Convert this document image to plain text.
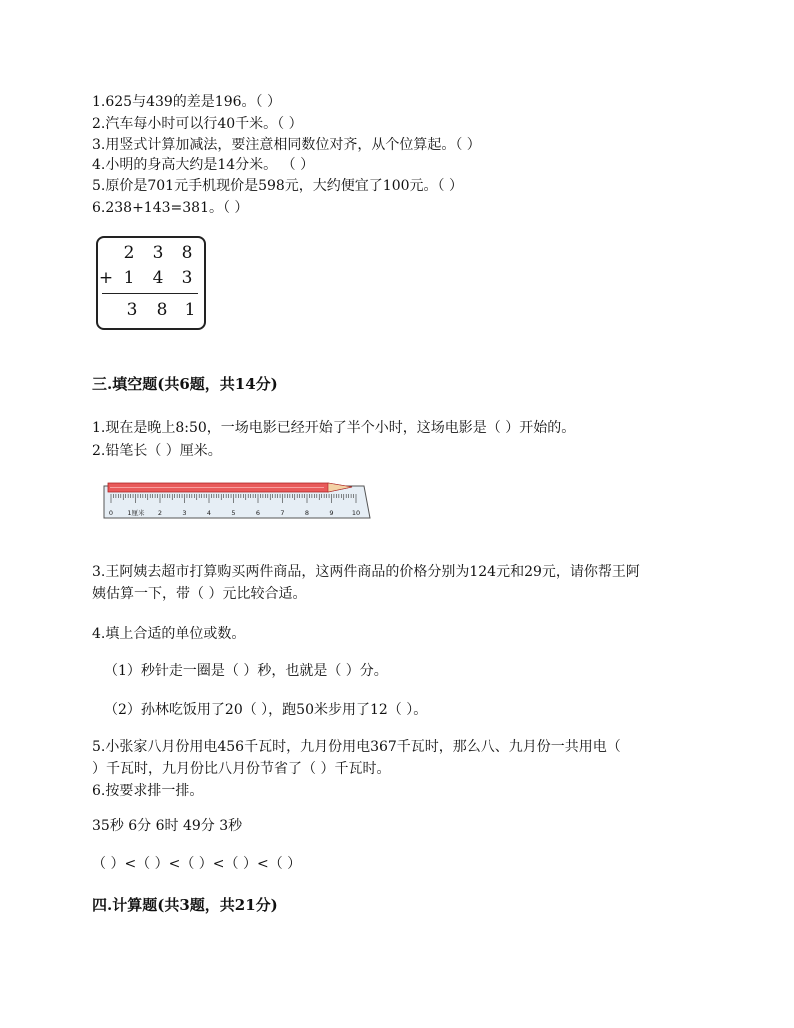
1.625与439的差是196。（ ）
2.汽车每小时可以行40千米。（ ）
3.用竖式计算加减法，要注意相同数位对齐，从个位算起。（ ）
4.小明的身高大约是14分米。 （ ）
5.原价是701元手机现价是598元，大约便宜了100元。（ ）
6.238+143=381。（ ）
2 3 8
+ 1 4 3
3 8 1
三.填空题(共6题，共14分)
1.现在是晚上8:50，一场电影已经开始了半个小时，这场电影是（ ）开始的。
2.铅笔长（ ）厘米。
0 1厘米 2	3	4	5	6	7	8	9	10
3.王阿姨去超市打算购买两件商品，这两件商品的价格分别为124元和29元，请你帮王阿
姨估算一下，带（ ）元比较合适。
4.填上合适的单位或数。
（1）秒针走一圈是（ ）秒，也就是（ ）分。
（2）孙林吃饭用了20（ ），跑50米步用了12（ ）。
5.小张家八月份用电456千瓦时，九月份用电367千瓦时，那么八、九月份一共用电（
）千瓦时，九月份比八月份节省了（ ）千瓦时。
6.按要求排一排。
35秒 6分 6时 49分 3秒
（ ）<（ ）<（ ）<（ ）<（ ）
四.计算题(共3题，共21分)
